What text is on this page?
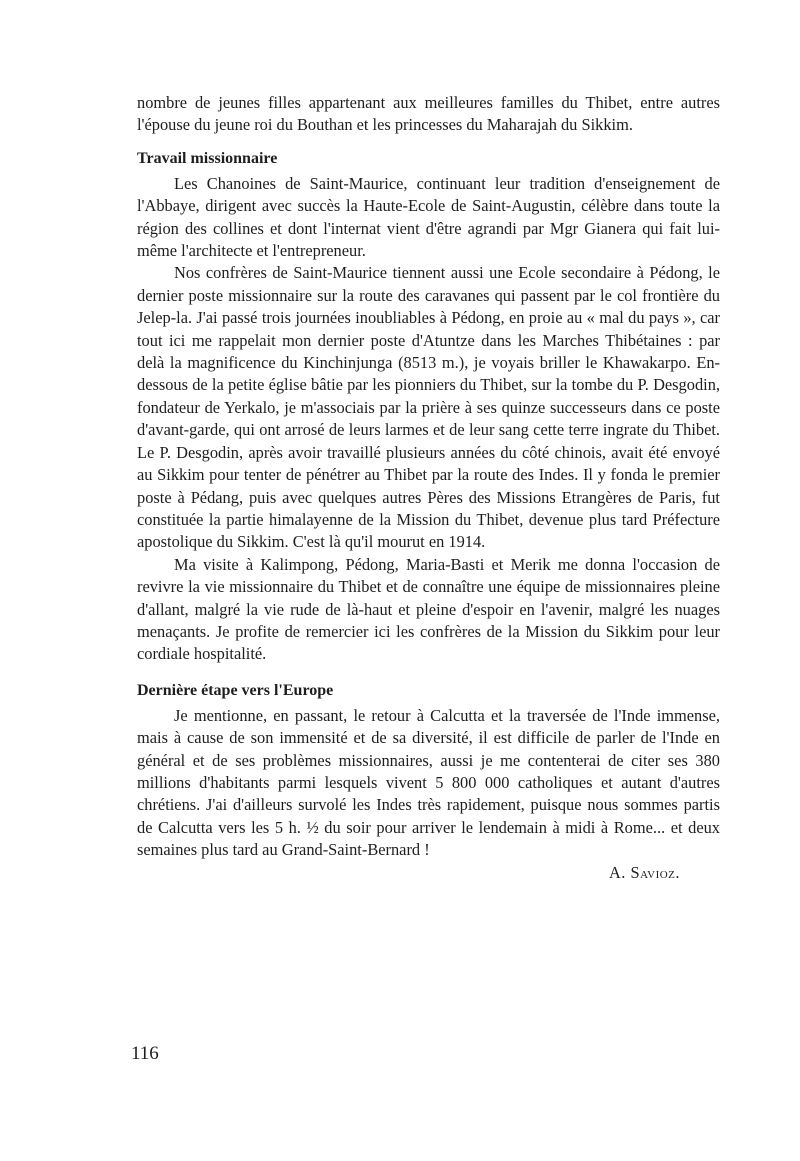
nombre de jeunes filles appartenant aux meilleures familles du Thibet, entre autres l'épouse du jeune roi du Bouthan et les princesses du Maharajah du Sikkim.

Travail missionnaire

Les Chanoines de Saint-Maurice, continuant leur tradition d'enseignement de l'Abbaye, dirigent avec succès la Haute-Ecole de Saint-Augustin, célèbre dans toute la région des collines et dont l'internat vient d'être agrandi par Mgr Gianera qui fait lui-même l'architecte et l'entrepreneur.

Nos confrères de Saint-Maurice tiennent aussi une Ecole secondaire à Pédong, le dernier poste missionnaire sur la route des caravanes qui passent par le col frontière du Jelep-la. J'ai passé trois journées inoubliables à Pédong, en proie au « mal du pays », car tout ici me rappelait mon dernier poste d'Atuntze dans les Marches Thibétaines : par delà la magnificence du Kinchinjunga (8513 m.), je voyais briller le Khawakarpo. En-dessous de la petite église bâtie par les pionniers du Thibet, sur la tombe du P. Desgodin, fondateur de Yerkalo, je m'associais par la prière à ses quinze successeurs dans ce poste d'avant-garde, qui ont arrosé de leurs larmes et de leur sang cette terre ingrate du Thibet. Le P. Desgodin, après avoir travaillé plusieurs années du côté chinois, avait été envoyé au Sikkim pour tenter de pénétrer au Thibet par la route des Indes. Il y fonda le premier poste à Pédang, puis avec quelques autres Pères des Missions Etrangères de Paris, fut constituée la partie himalayenne de la Mission du Thibet, devenue plus tard Préfecture apostolique du Sikkim. C'est là qu'il mourut en 1914.

Ma visite à Kalimpong, Pédong, Maria-Basti et Merik me donna l'occasion de revivre la vie missionnaire du Thibet et de connaître une équipe de missionnaires pleine d'allant, malgré la vie rude de là-haut et pleine d'espoir en l'avenir, malgré les nuages menaçants. Je profite de remercier ici les confrères de la Mission du Sikkim pour leur cordiale hospitalité.

Dernière étape vers l'Europe

Je mentionne, en passant, le retour à Calcutta et la traversée de l'Inde immense, mais à cause de son immensité et de sa diversité, il est difficile de parler de l'Inde en général et de ses problèmes missionnaires, aussi je me contenterai de citer ses 380 millions d'habitants parmi lesquels vivent 5 800 000 catholiques et autant d'autres chrétiens. J'ai d'ailleurs survolé les Indes très rapidement, puisque nous sommes partis de Calcutta vers les 5 h. ½ du soir pour arriver le lendemain à midi à Rome... et deux semaines plus tard au Grand-Saint-Bernard !

A. Savioz.

116
